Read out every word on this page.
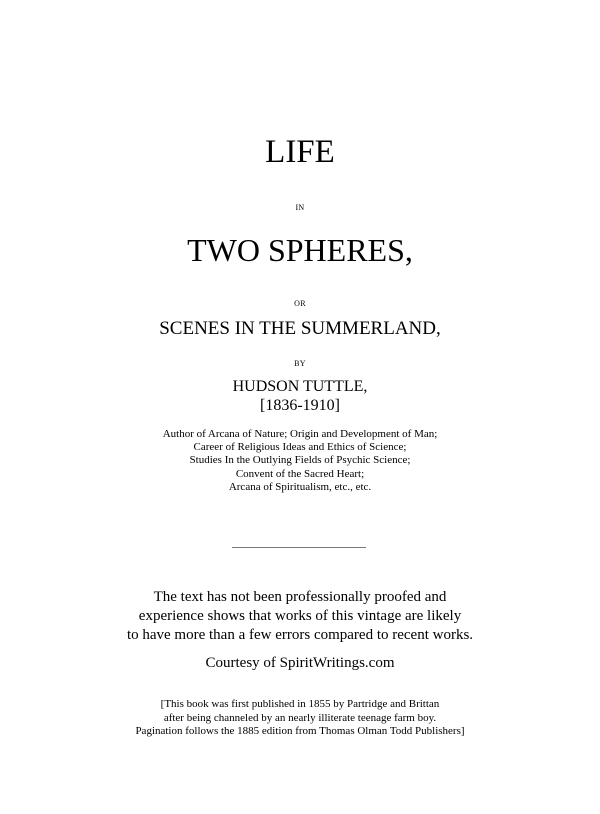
LIFE
IN
TWO SPHERES,
OR
SCENES IN THE SUMMERLAND,
BY
HUDSON TUTTLE,
[1836-1910]
Author of Arcana of Nature; Origin and Development of Man;
Career of Religious Ideas and Ethics of Science;
Studies In the Outlying Fields of Psychic Science;
Convent of the Sacred Heart;
Arcana of Spiritualism, etc., etc.
The text has not been professionally proofed and
experience shows that works of this vintage are likely
to have more than a few errors compared to recent works.
Courtesy of SpiritWritings.com
[This book was first published in 1855 by Partridge and Brittan
after being channeled by an nearly illiterate teenage farm boy.
Pagination follows the 1885 edition from Thomas Olman Todd Publishers]
